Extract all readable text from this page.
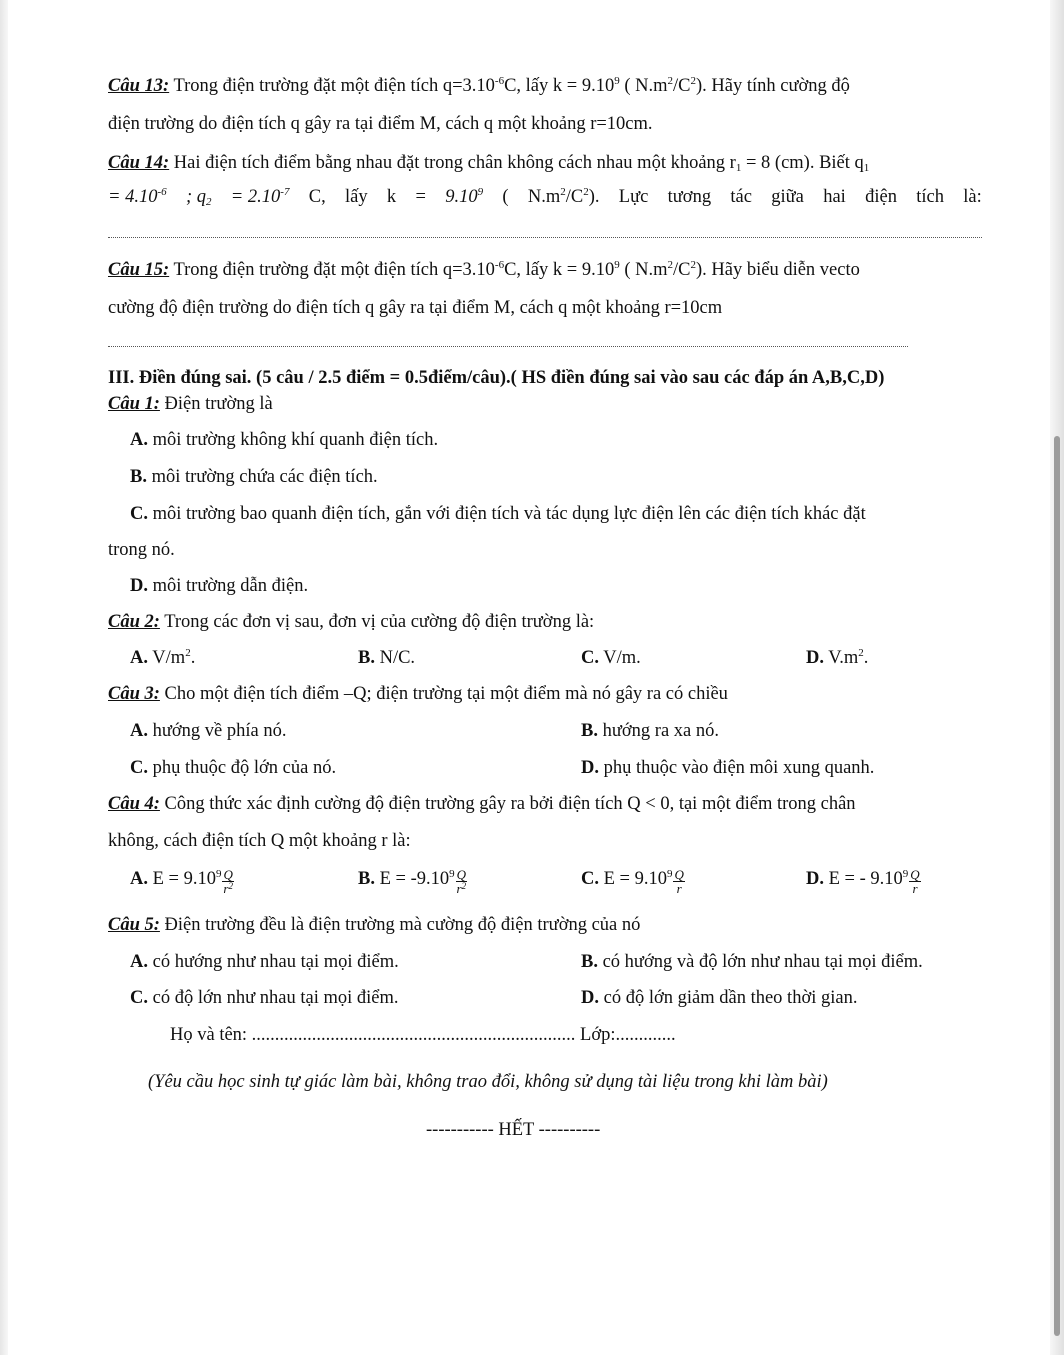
Câu 13: Trong điện trường đặt một điện tích $q=3.10^{-6}C$, lấy $k = 9.10^9$ ( $N.m^2/C^2$). Hãy tính cường độ
điện trường do điện tích q gây ra tại điểm M, cách q một khoảng r=10cm.
Câu 14: Hai điện tích điểm bằng nhau đặt trong chân không cách nhau một khoảng $r_1 = 8$ (cm). Biết $q_1$
= $4.10^{-6}$ ; $q_2 = 2.10^{-7}$ C, lấy $k = 9.10^9$ ( $N.m^2/C^2$). Lực tương tác giữa hai điện tích là:
Câu 15: Trong điện trường đặt một điện tích $q=3.10^{-6}C$, lấy $k = 9.10^9$ ( $N.m^2/C^2$). Hãy biểu diễn vecto
cường độ điện trường do điện tích q gây ra tại điểm M, cách q một khoảng r=10cm
III. Điền đúng sai. (5 câu / 2.5 điểm = 0.5điểm/câu).( HS điền đúng sai vào sau các đáp án A,B,C,D)
Câu 1: Điện trường là
A. môi trường không khí quanh điện tích.
B. môi trường chứa các điện tích.
C. môi trường bao quanh điện tích, gắn với điện tích và tác dụng lực điện lên các điện tích khác đặt
trong nó.
D. môi trường dẫn điện.
Câu 2: Trong các đơn vị sau, đơn vị của cường độ điện trường là:
A. $V/m^2$.	B. N/C.	C. V/m.	D. $V.m^2$.
Câu 3: Cho một điện tích điểm –Q; điện trường tại một điểm mà nó gây ra có chiều
A. hướng về phía nó.	B. hướng ra xa nó.
C. phụ thuộc độ lớn của nó.	D. phụ thuộc vào điện môi xung quanh.
Câu 4: Công thức xác định cường độ điện trường gây ra bởi điện tích Q < 0, tại một điểm trong chân
không, cách điện tích Q một khoảng r là:
A. $E = 9.10^9 \frac{Q}{r^2}$	B. $E = -9.10^9 \frac{Q}{r^2}$	C. $E = 9.10^9 \frac{Q}{r}$	D. E = - $9.10^9 \frac{Q}{r}$
Câu 5: Điện trường đều là điện trường mà cường độ điện trường của nó
A. có hướng như nhau tại mọi điểm.	B. có hướng và độ lớn như nhau tại mọi điểm.
C. có độ lớn như nhau tại mọi điểm.	D. có độ lớn giảm dần theo thời gian.
Họ và tên: ...................................................................... Lớp:.............
(Yêu cầu học sinh tự giác làm bài, không trao đổi, không sử dụng tài liệu trong khi làm bài)
----------- HẾT ----------
